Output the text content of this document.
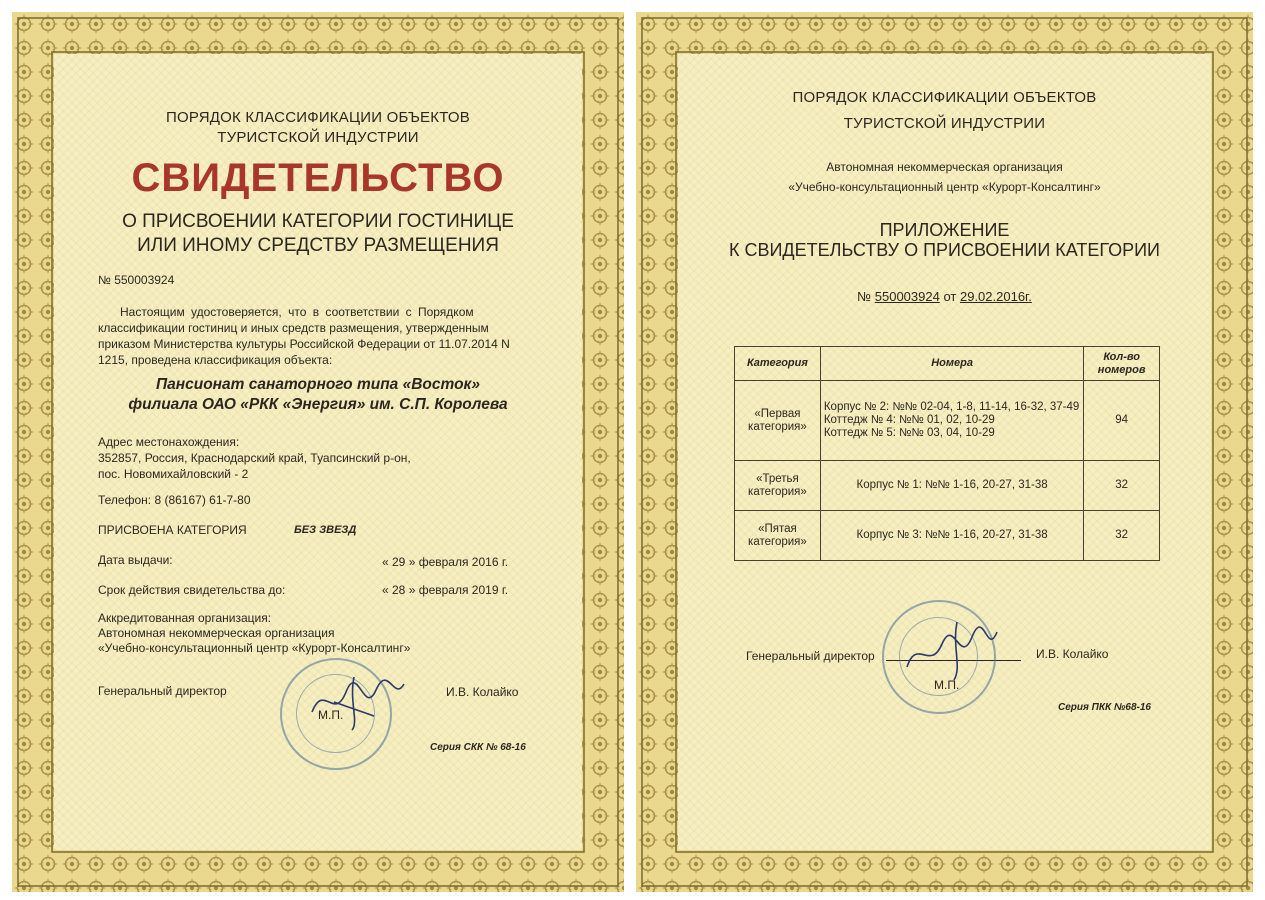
ПОРЯДОК КЛАССИФИКАЦИИ ОБЪЕКТОВ
ТУРИСТСКОЙ ИНДУСТРИИ
СВИДЕТЕЛЬСТВО
О ПРИСВОЕНИИ КАТЕГОРИИ ГОСТИНИЦЕ
ИЛИ ИНОМУ СРЕДСТВУ РАЗМЕЩЕНИЯ
№ 550003924
Настоящим удостоверяется, что в соответствии с Порядком
классификации гостиниц и иных средств размещения, утвержденным
приказом Министерства культуры Российской Федерации от 11.07.2014 N
1215, проведена классификация объекта:
Пансионат санаторного типа «Восток»
филиала ОАО «РКК «Энергия» им. С.П. Королева
Адрес местонахождения:
352857, Россия, Краснодарский край, Туапсинский р-он,
пос. Новомихайловский - 2
Телефон: 8 (86167) 61-7-80
ПРИСВОЕНА КАТЕГОРИЯ	БЕЗ ЗВЕЗД
Дата выдачи:	« 29 » февраля 2016 г.
Срок действия свидетельства до:	« 28 » февраля 2019 г.
Аккредитованная организация:
Автономная некоммерческая организация
«Учебно-консультационный центр «Курорт-Консалтинг»
Генеральный директор	И.В. Колайко
М.П.
Серия СКК № 68-16
ПОРЯДОК КЛАССИФИКАЦИИ ОБЪЕКТОВ
ТУРИСТСКОЙ ИНДУСТРИИ
Автономная некоммерческая организация
«Учебно-консультационный центр «Курорт-Консалтинг»
ПРИЛОЖЕНИЕ
К СВИДЕТЕЛЬСТВУ О ПРИСВОЕНИИ КАТЕГОРИИ
№ 550003924 от 29.02.2016г.
Категория	Номера	Кол-во номеров
«Первая категория»	Корпус № 2: №№ 02-04, 1-8, 11-14, 16-32, 37-49
Коттедж № 4: №№ 01, 02, 10-29
Коттедж № 5: №№ 03, 04, 10-29	94
«Третья категория»	Корпус № 1: №№ 1-16, 20-27, 31-38	32
«Пятая категория»	Корпус № 3: №№ 1-16, 20-27, 31-38	32
Генеральный директор	И.В. Колайко
М.П.
Серия ПКК №68-16
